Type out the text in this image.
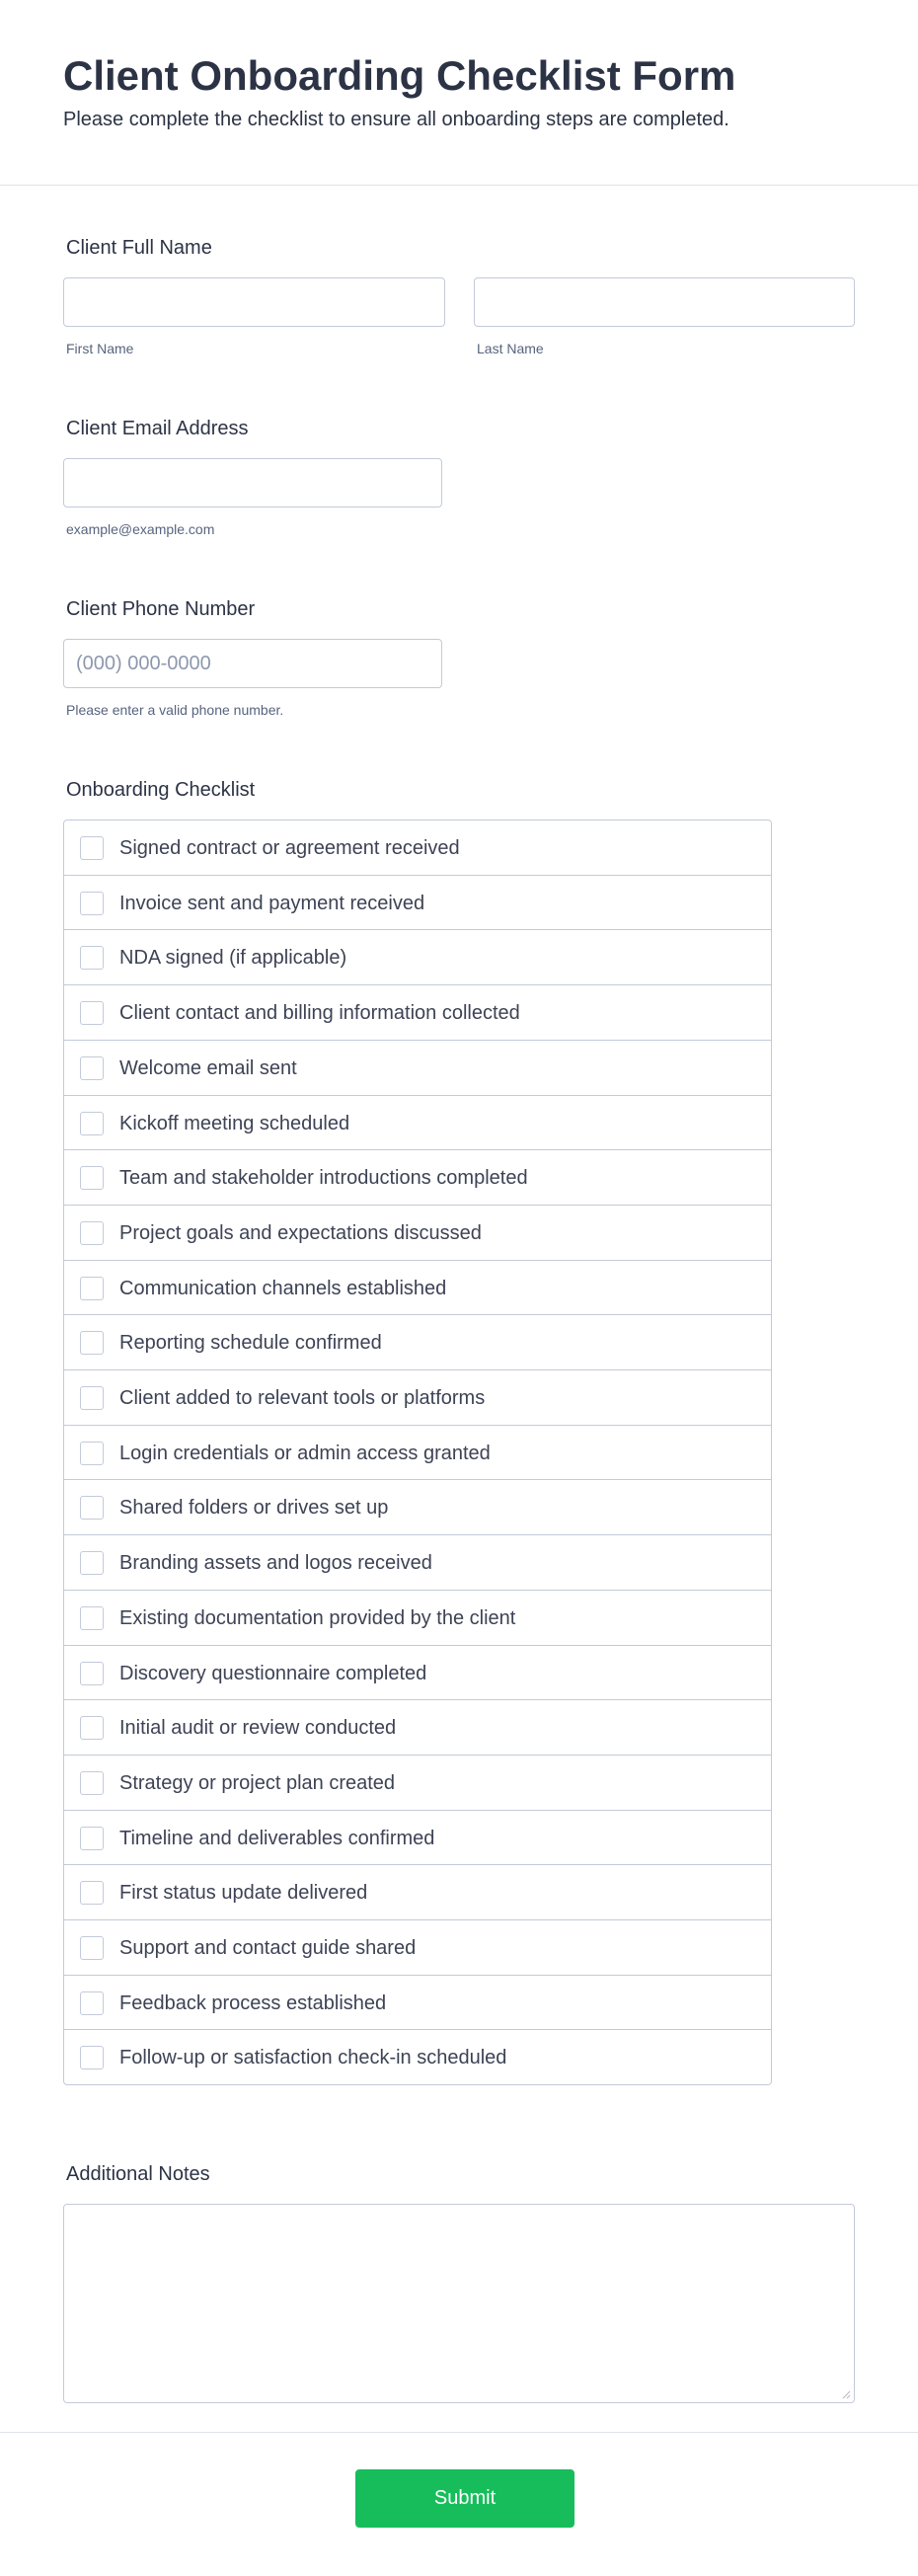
Client Onboarding Checklist Form

Please complete the checklist to ensure all onboarding steps are completed.

Client Full Name
First Name	Last Name
Client Email Address
example@example.com
Client Phone Number
(000) 000-0000
Please enter a valid phone number.
Onboarding Checklist
Signed contract or agreement received
Invoice sent and payment received
NDA signed (if applicable)
Client contact and billing information collected
Welcome email sent
Kickoff meeting scheduled
Team and stakeholder introductions completed
Project goals and expectations discussed
Communication channels established
Reporting schedule confirmed
Client added to relevant tools or platforms
Login credentials or admin access granted
Shared folders or drives set up
Branding assets and logos received
Existing documentation provided by the client
Discovery questionnaire completed
Initial audit or review conducted
Strategy or project plan created
Timeline and deliverables confirmed
First status update delivered
Support and contact guide shared
Feedback process established
Follow-up or satisfaction check-in scheduled
Additional Notes
Submit
